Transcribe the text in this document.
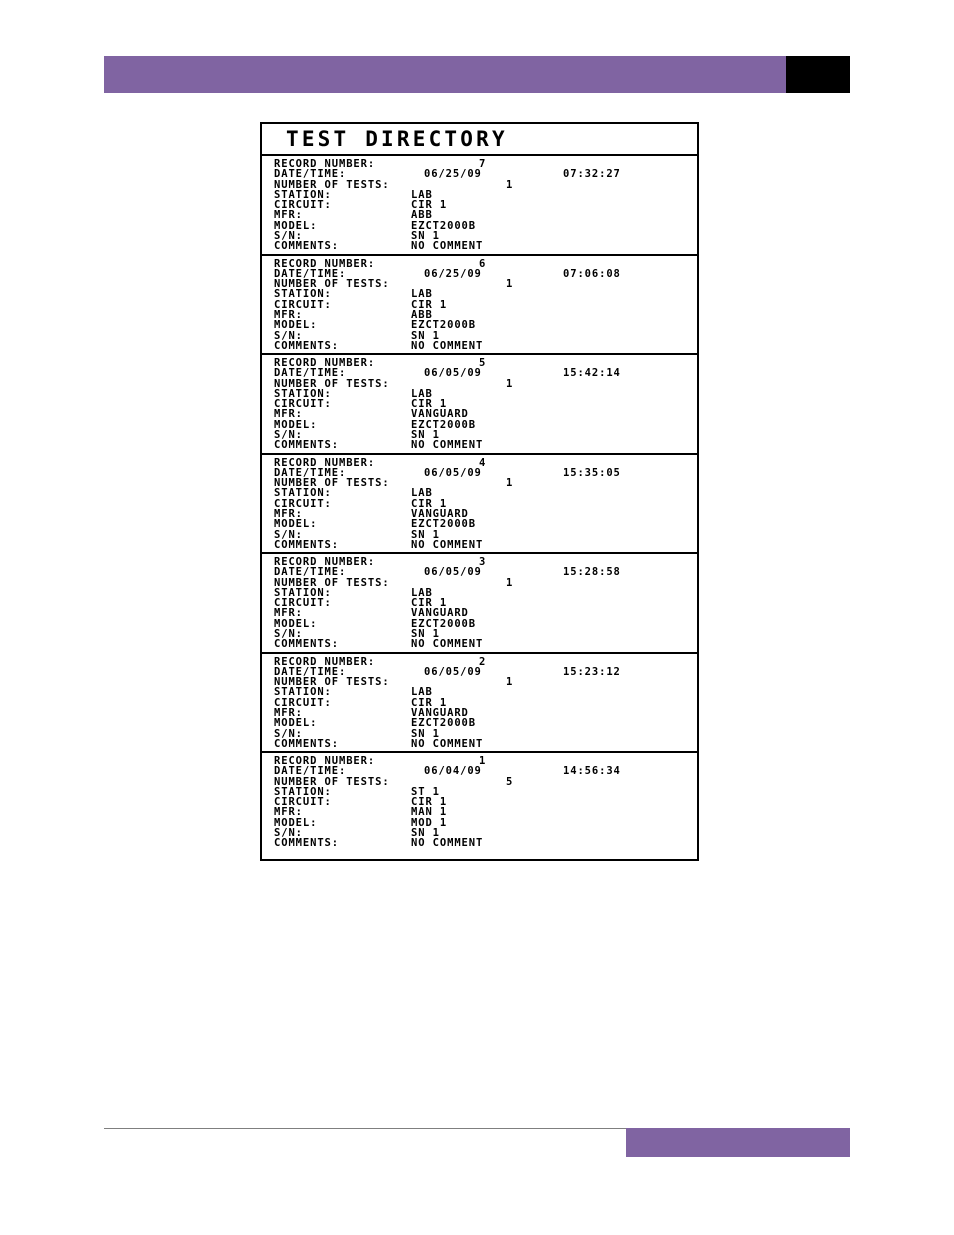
TEST DIRECTORY
RECORD NUMBER:	7
DATE/TIME:	06/25/09	07:32:27
NUMBER OF TESTS:	1
STATION:	LAB
CIRCUIT:	CIR 1
MFR:	ABB
MODEL:	EZCT2000B
S/N:	SN 1
COMMENTS:	NO COMMENT
RECORD NUMBER:	6
DATE/TIME:	06/25/09	07:06:08
NUMBER OF TESTS:	1
STATION:	LAB
CIRCUIT:	CIR 1
MFR:	ABB
MODEL:	EZCT2000B
S/N:	SN 1
COMMENTS:	NO COMMENT
RECORD NUMBER:	5
DATE/TIME:	06/05/09	15:42:14
NUMBER OF TESTS:	1
STATION:	LAB
CIRCUIT:	CIR 1
MFR:	VANGUARD
MODEL:	EZCT2000B
S/N:	SN 1
COMMENTS:	NO COMMENT
RECORD NUMBER:	4
DATE/TIME:	06/05/09	15:35:05
NUMBER OF TESTS:	1
STATION:	LAB
CIRCUIT:	CIR 1
MFR:	VANGUARD
MODEL:	EZCT2000B
S/N:	SN 1
COMMENTS:	NO COMMENT
RECORD NUMBER:	3
DATE/TIME:	06/05/09	15:28:58
NUMBER OF TESTS:	1
STATION:	LAB
CIRCUIT:	CIR 1
MFR:	VANGUARD
MODEL:	EZCT2000B
S/N:	SN 1
COMMENTS:	NO COMMENT
RECORD NUMBER:	2
DATE/TIME:	06/05/09	15:23:12
NUMBER OF TESTS:	1
STATION:	LAB
CIRCUIT:	CIR 1
MFR:	VANGUARD
MODEL:	EZCT2000B
S/N:	SN 1
COMMENTS:	NO COMMENT
RECORD NUMBER:	1
DATE/TIME:	06/04/09	14:56:34
NUMBER OF TESTS:	5
STATION:	ST 1
CIRCUIT:	CIR 1
MFR:	MAN 1
MODEL:	MOD 1
S/N:	SN 1
COMMENTS:	NO COMMENT
